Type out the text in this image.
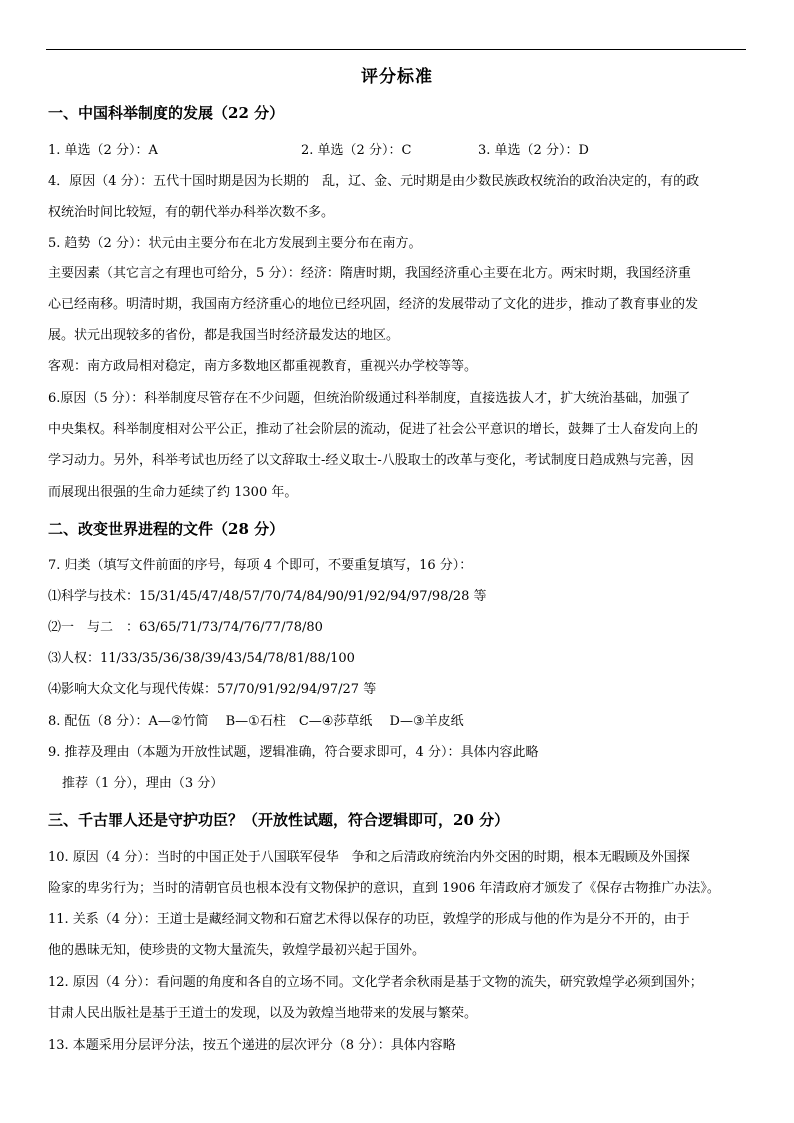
评分标准
一、中国科举制度的发展（22 分）
1. 单选（2 分）：A	2. 单选（2 分）：C	3. 单选（2 分）：D
4．原因（4 分）：五代十国时期是因为长期的　乱，辽、金、元时期是由少数民族政权统治的政治决定的，有的政
权统治时间比较短，有的朝代举办科举次数不多。
5. 趋势（2 分）：状元由主要分布在北方发展到主要分布在南方。
主要因素（其它言之有理也可给分，5 分）：经济：隋唐时期，我国经济重心主要在北方。两宋时期，我国经济重
心已经南移。明清时期，我国南方经济重心的地位已经巩固，经济的发展带动了文化的进步，推动了教育事业的发
展。状元出现较多的省份，都是我国当时经济最发达的地区。
客观：南方政局相对稳定，南方多数地区都重视教育，重视兴办学校等等。
6.原因（5 分）：科举制度尽管存在不少问题，但统治阶级通过科举制度，直接选拔人才，扩大统治基础，加强了
中央集权。科举制度相对公平公正，推动了社会阶层的流动，促进了社会公平意识的增长，鼓舞了士人奋发向上的
学习动力。另外，科举考试也历经了以文辞取士-经义取士-八股取士的改革与变化，考试制度日趋成熟与完善，因
而展现出很强的生命力延续了约 1300 年。
二、改变世界进程的文件（28 分）
7. 归类（填写文件前面的序号，每项 4 个即可，不要重复填写，16 分）：
⑴科学与技术：15/31/45/47/48/57/70/74/84/90/91/92/94/97/98/28 等
⑵一　与二　：63/65/71/73/74/76/77/78/80
⑶人权：11/33/35/36/38/39/43/54/78/81/88/100
⑷影响大众文化与现代传媒：57/70/91/92/94/97/27 等
8. 配伍（8 分）：A—②竹简　 B—①石柱　C—④莎草纸　 D—③羊皮纸
9. 推荐及理由（本题为开放性试题，逻辑准确，符合要求即可，4 分）：具体内容此略
推荐（1 分），理由（3 分）
三、千古罪人还是守护功臣？（开放性试题，符合逻辑即可，20 分）
10. 原因（4 分）：当时的中国正处于八国联军侵华　争和之后清政府统治内外交困的时期，根本无暇顾及外国探
险家的卑劣行为；当时的清朝官员也根本没有文物保护的意识，直到 1906 年清政府才颁发了《保存古物推广办法》。
11. 关系（4 分）：王道士是藏经洞文物和石窟艺术得以保存的功臣，敦煌学的形成与他的作为是分不开的，由于
他的愚昧无知，使珍贵的文物大量流失，敦煌学最初兴起于国外。
12. 原因（4 分）：看问题的角度和各自的立场不同。文化学者余秋雨是基于文物的流失，研究敦煌学必须到国外；
甘肃人民出版社是基于王道士的发现，以及为敦煌当地带来的发展与繁荣。
13. 本题采用分层评分法，按五个递进的层次评分（8 分）：具体内容略
